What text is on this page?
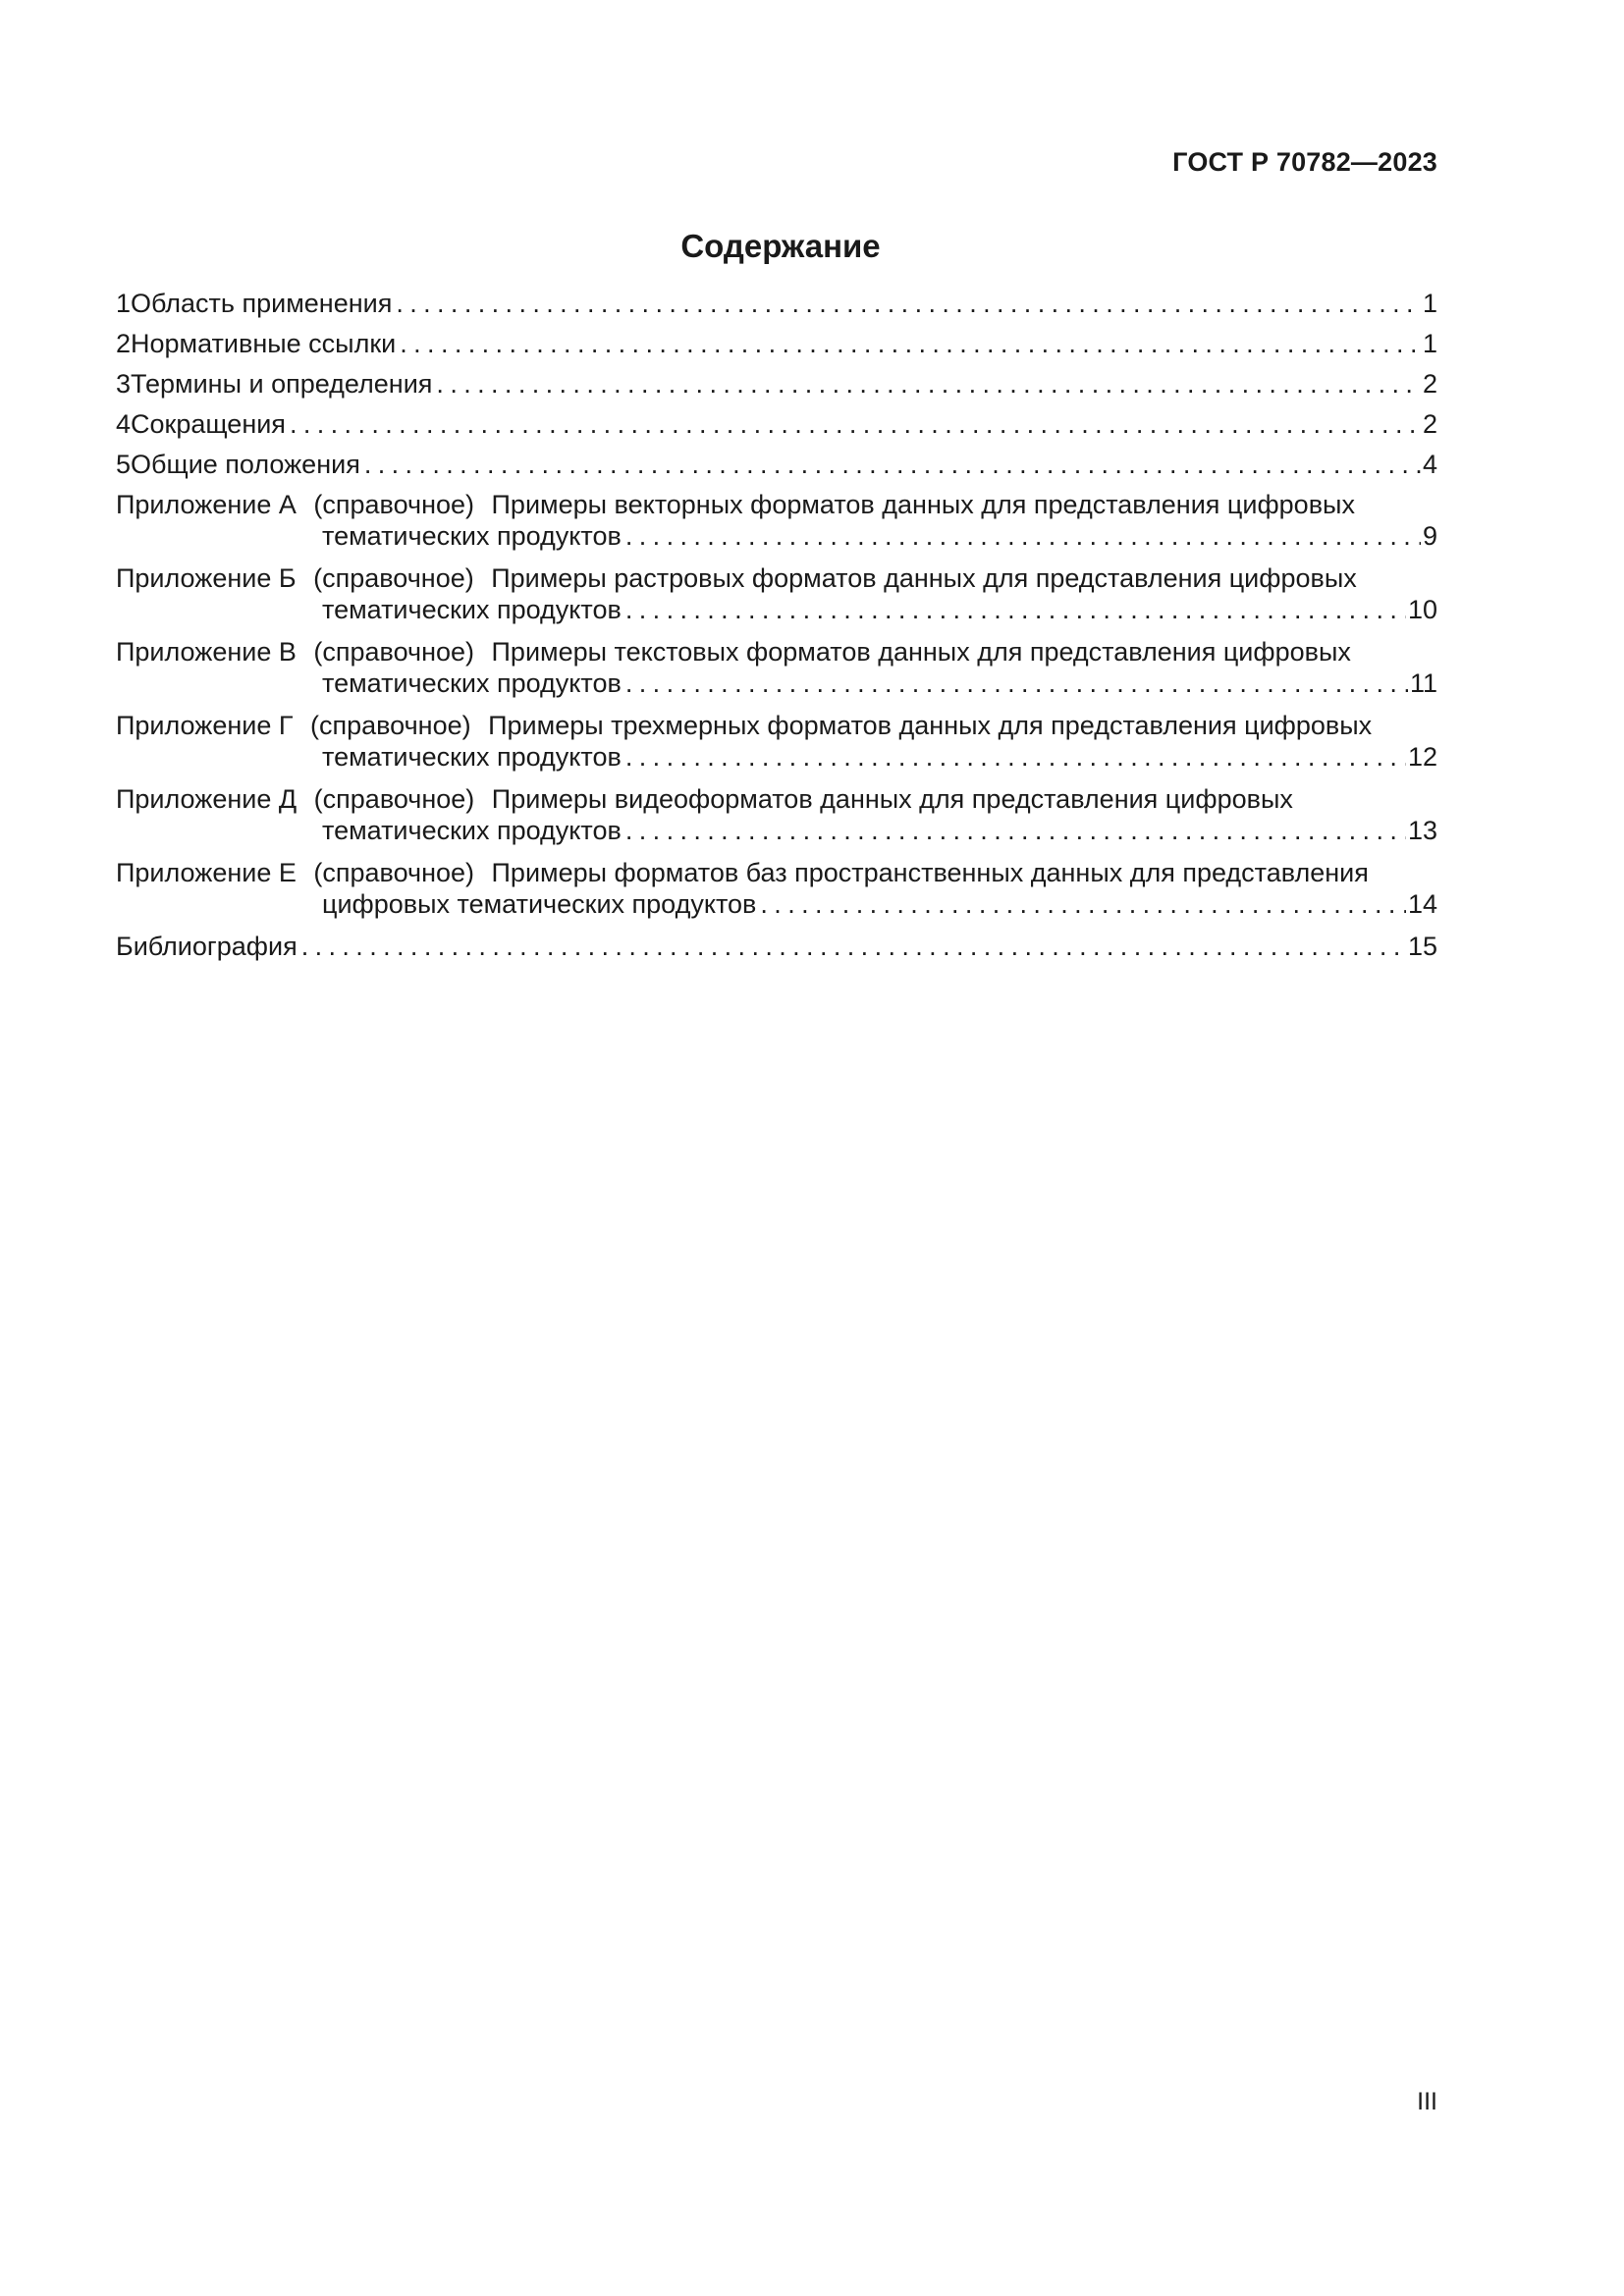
ГОСТ Р 70782—2023
Содержание
1 Область применения .....	1
2 Нормативные ссылки .....	1
3 Термины и определения .....	2
4 Сокращения .....	2
5 Общие положения .....	4
Приложение А (справочное) Примеры векторных форматов данных для представления цифровых
тематических продуктов .....	9
Приложение Б (справочное) Примеры растровых форматов данных для представления цифровых
тематических продуктов .....	10
Приложение В (справочное) Примеры текстовых форматов данных для представления цифровых
тематических продуктов .....	11
Приложение Г (справочное) Примеры трехмерных форматов данных для представления цифровых
тематических продуктов .....	12
Приложение Д (справочное) Примеры видеоформатов данных для представления цифровых
тематических продуктов .....	13
Приложение Е (справочное) Примеры форматов баз пространственных данных для представления
цифровых тематических продуктов .....	14
Библиография .....	15
III
